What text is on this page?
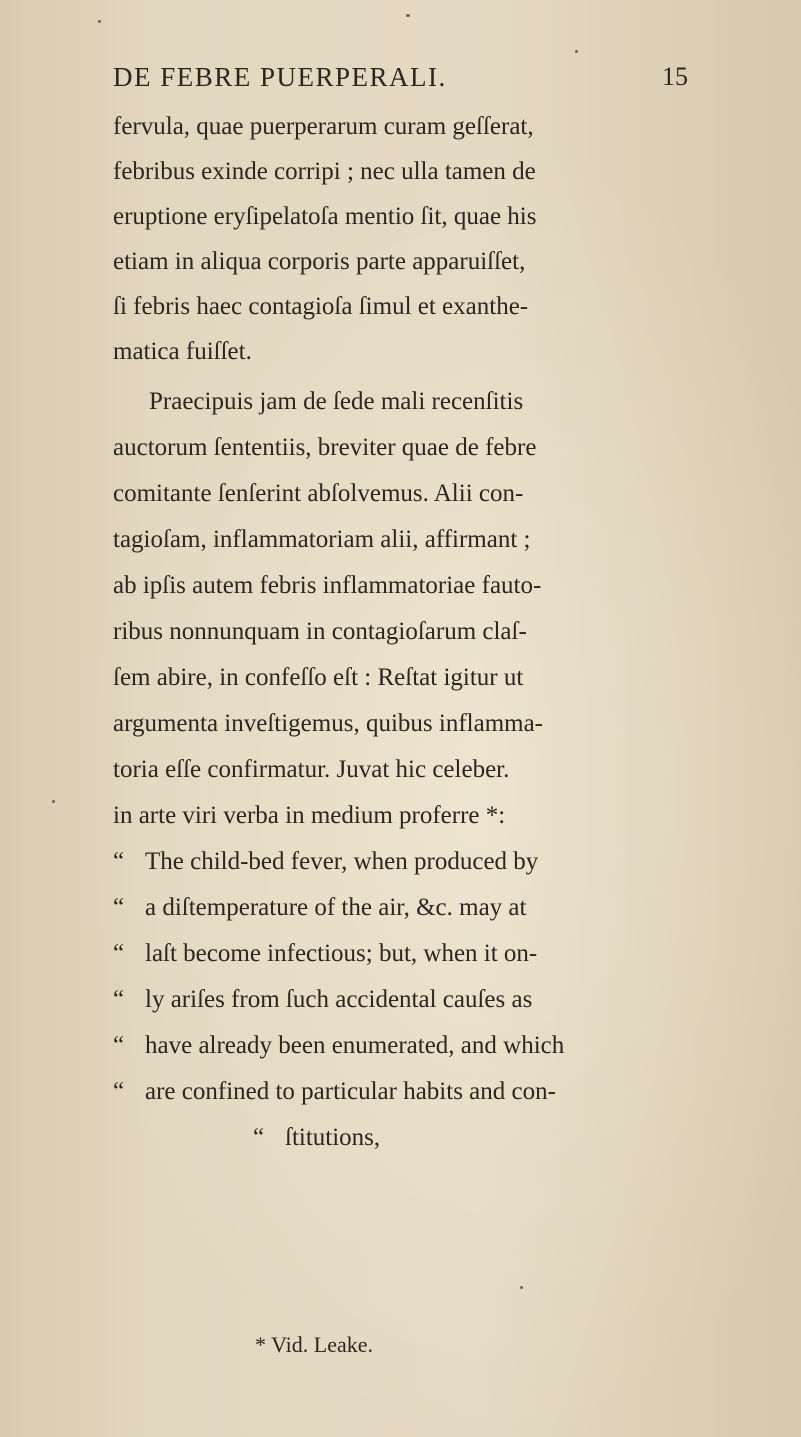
DE FEBRE PUERPERALI.	15
fervula, quae puerperarum curam geſſerat,
febribus exinde corripi ; nec ulla tamen de
eruptione eryſipelatoſa mentio ſit, quae his
etiam in aliqua corporis parte apparuiſſet,
ſi febris haec contagioſa ſimul et exanthe-
matica fuiſſet.
Praecipuis jam de ſede mali recenſitis
auctorum ſententiis, breviter quae de febre
comitante ſenſerint abſolvemus. Alii con-
tagioſam, inflammatoriam alii, affirmant ;
ab ipſis autem febris inflammatoriae fauto-
ribus nonnunquam in contagioſarum claſ-
ſem abire, in confeſſo eſt : Reſtat igitur ut
argumenta inveſtigemus, quibus inflamma-
toria eſſe confirmatur. Juvat hic celeber.
in arte viri verba in medium proferre *:
“ The child-bed fever, when produced by
“ a diſtemperature of the air, &c. may at
“ laſt become infectious; but, when it on-
“ ly ariſes from ſuch accidental cauſes as
“ have already been enumerated, and which
“ are confined to particular habits and con-
“ ſtitutions,
* Vid. Leake.
